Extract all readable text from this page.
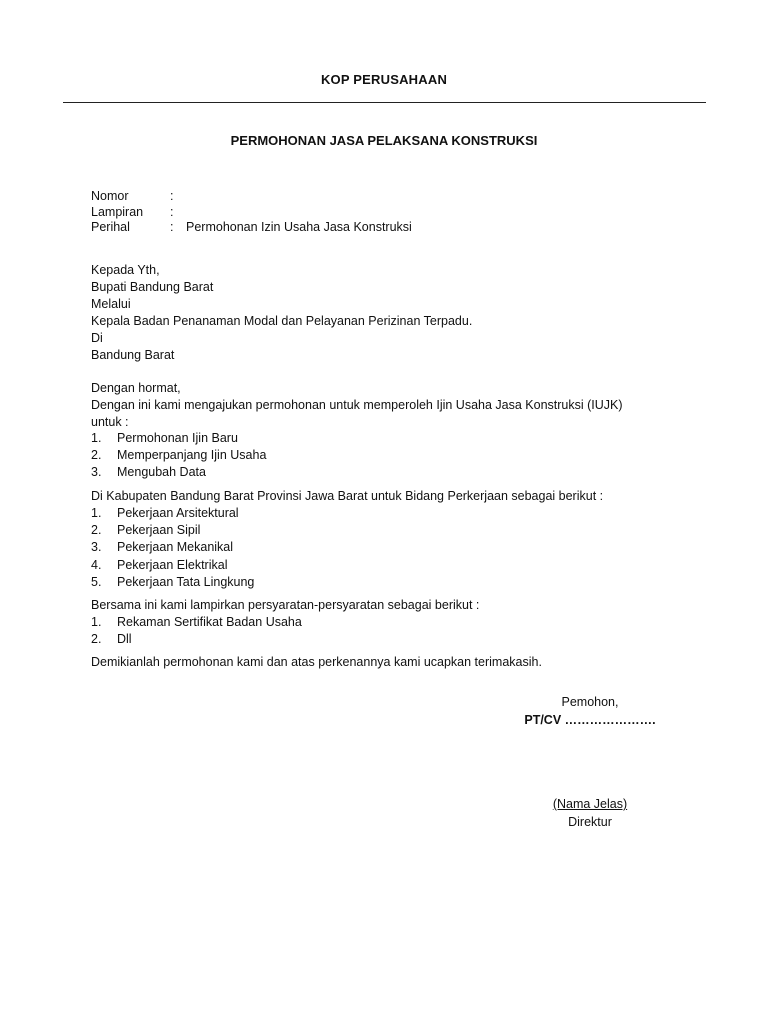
KOP PERUSAHAAN
PERMOHONAN JASA PELAKSANA KONSTRUKSI
Nomor	:
Lampiran :
Perihal	: Permohonan Izin Usaha Jasa Konstruksi
Kepada Yth,
Bupati Bandung Barat
Melalui
Kepala Badan Penanaman Modal dan Pelayanan Perizinan Terpadu.
Di
Bandung Barat
Dengan hormat,
Dengan ini kami mengajukan permohonan untuk memperoleh Ijin Usaha Jasa Konstruksi (IUJK)
untuk :
1. Permohonan Ijin Baru
2. Memperpanjang Ijin Usaha
3. Mengubah Data
Di Kabupaten Bandung Barat Provinsi Jawa Barat untuk Bidang Perkerjaan sebagai berikut :
1. Pekerjaan Arsitektural
2. Pekerjaan Sipil
3. Pekerjaan Mekanikal
4. Pekerjaan Elektrikal
5. Pekerjaan Tata Lingkung
Bersama ini kami lampirkan persyaratan-persyaratan sebagai berikut :
1. Rekaman Sertifikat Badan Usaha
2. Dll
Demikianlah permohonan kami dan atas perkenannya kami ucapkan terimakasih.
Pemohon,
PT/CV ………………….
(Nama Jelas)
Direktur
